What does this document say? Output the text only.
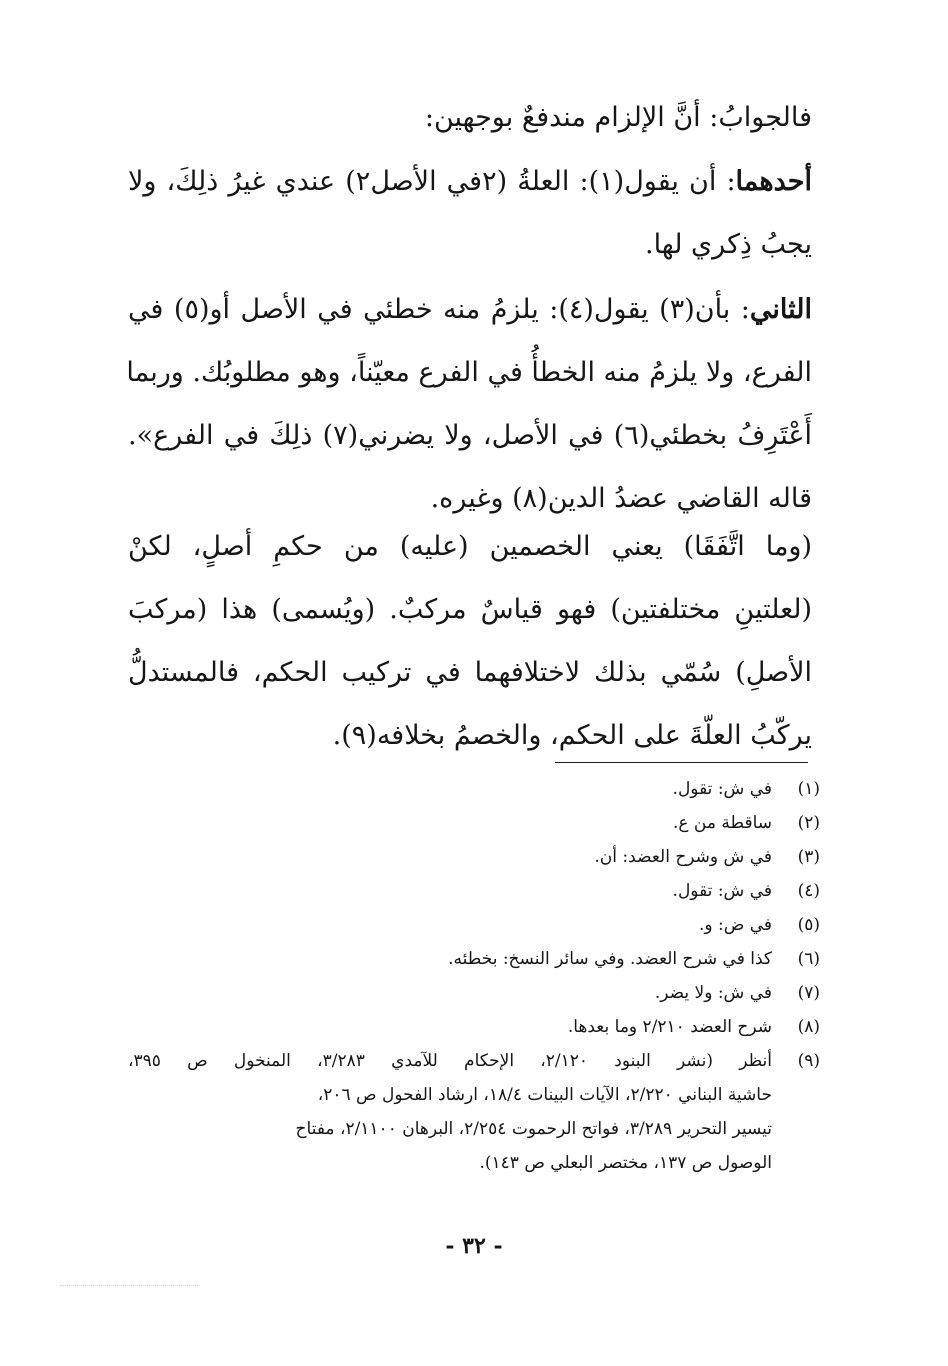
فالجوابُ: أنَّ الإلزام مندفعٌ بوجهين:
أحدهما: أن يقول(١): العلةُ (٢في الأصل٢) عندي غيرُ ذلِكَ، ولا
يجبُ ذِكري لها.
الثاني: بأن(٣) يقول(٤): يلزمُ منه خطئي في الأصل أو(٥) في
الفرع، ولا يلزمُ منه الخطأُ في الفرع معيّناً، وهو مطلوبُك. وربما
أَعْتَرِفُ بخطئي(٦) في الأصل، ولا يضرني(٧) ذلِكَ في الفرع».
قاله القاضي عضدُ الدين(٨) وغيره.
(وما اتَّفَقَا) يعني الخصمين (عليه) من حكمِ أصلٍ، لكنْ
(لعلتينِ مختلفتين) فهو قياسٌ مركبٌ. (ويُسمى) هذا (مركبَ
الأصلِ) سُمّي بذلك لاختلافهما في تركيب الحكم، فالمستدلُّ
يركّبُ العلّةَ على الحكم، والخصمُ بخلافه(٩).
(١)
في ش: تقول.
(٢)
ساقطة من ع.
(٣)
في ش وشرح العضد: أن.
(٤)
في ش: تقول.
(٥)
في ض: و.
(٦)
كذا في شرح العضد. وفي سائر النسخ: بخطئه.
(٧)
في ش: ولا يضر.
(٨)
شرح العضد ٢/٢١٠ وما بعدها.
(٩)
أنظر (نشر البنود ٢/١٢٠، الإحكام للآمدي ٣/٢٨٣، المنخول ص ٣٩٥،
حاشية البناني ٢/٢٢٠، الآيات البينات ١٨/٤، ارشاد الفحول ص ٢٠٦،
تيسير التحرير ٣/٢٨٩، فواتح الرحموت ٢/٢٥٤، البرهان ٢/١١٠٠، مفتاح
الوصول ص ١٣٧، مختصر البعلي ص ١٤٣).
- ٣٢ -
